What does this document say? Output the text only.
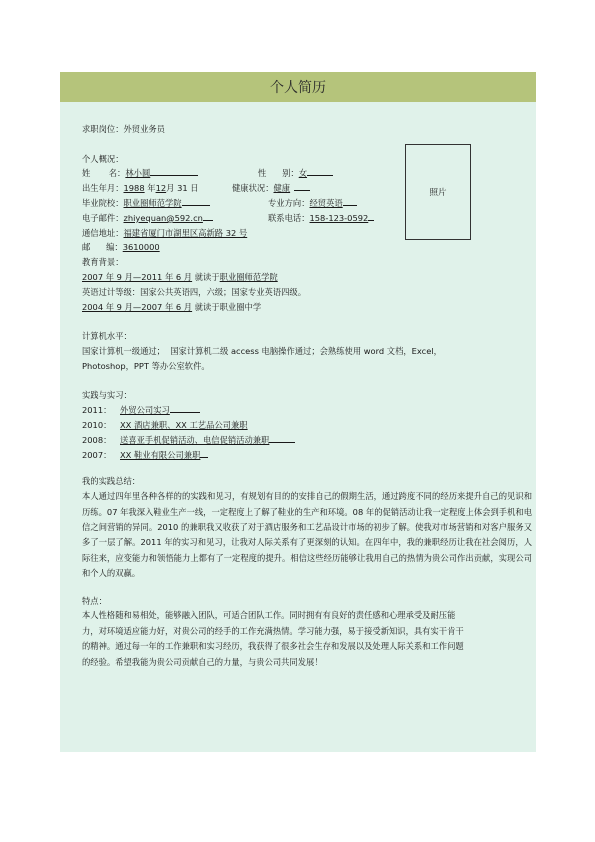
个人简历
照片
求职岗位：外贸业务员
个人概况：
姓       名：林小圆	性      别：女
出生年月：1988 年12月 31 日	健康状况：健康
毕业院校：职业圈师范学院	专业方向：经贸英语
电子邮件：zhiyequan@592.cn	联系电话：158-123-0592
通信地址：福建省厦门市湖里区高新路 32 号
邮      编：3610000
教育背景：
2007 年 9 月—2011 年 6 月 就读于职业圈师范学院
英语过计等级：国家公共英语四，六级；国家专业英语四级。
2004 年 9 月—2007 年 6 月 就读于职业圈中学
计算机水平：
国家计算机一级通过；  国家计算机二级 access 电脑操作通过；会熟练使用 word 文档，Excel，
Photoshop，PPT 等办公室软件。
实践与实习：
2011： 外贸公司实习
2010： XX 酒店兼职、XX 工艺品公司兼职
2008： 送喜亚手机促销活动、电信促销活动兼职
2007： XX 鞋业有限公司兼职
我的实践总结：
本人通过四年里各种各样的的实践和见习，有规划有目的的安排自己的假期生活，通过跨度不同的经历来提升自己的见识和历练。07 年我深入鞋业生产一线，一定程度上了解了鞋业的生产和环境。08 年的促销活动让我一定程度上体会到手机和电信之间营销的异同。2010 的兼职我又收获了对于酒店服务和工艺品设计市场的初步了解。使我对市场营销和对客户服务又多了一层了解。2011 年的实习和见习，让我对人际关系有了更深刻的认知。在四年中，我的兼职经历让我在社会阅历，人际往来，应变能力和领悟能力上都有了一定程度的提升。相信这些经历能够让我用自己的热情为贵公司作出贡献，实现公司和个人的双赢。
特点：
本人性格随和易相处，能够融入团队，可适合团队工作。同时拥有有良好的责任感和心理承受及耐压能力，对环境适应能力好，对贵公司的经手的工作充满热情。学习能力强，易于接受新知识，具有实干肯干的精神。通过每一年的工作兼职和实习经历，我获得了很多社会生存和发展以及处理人际关系和工作问题的经验。希望我能为贵公司贡献自己的力量，与贵公司共同发展！
